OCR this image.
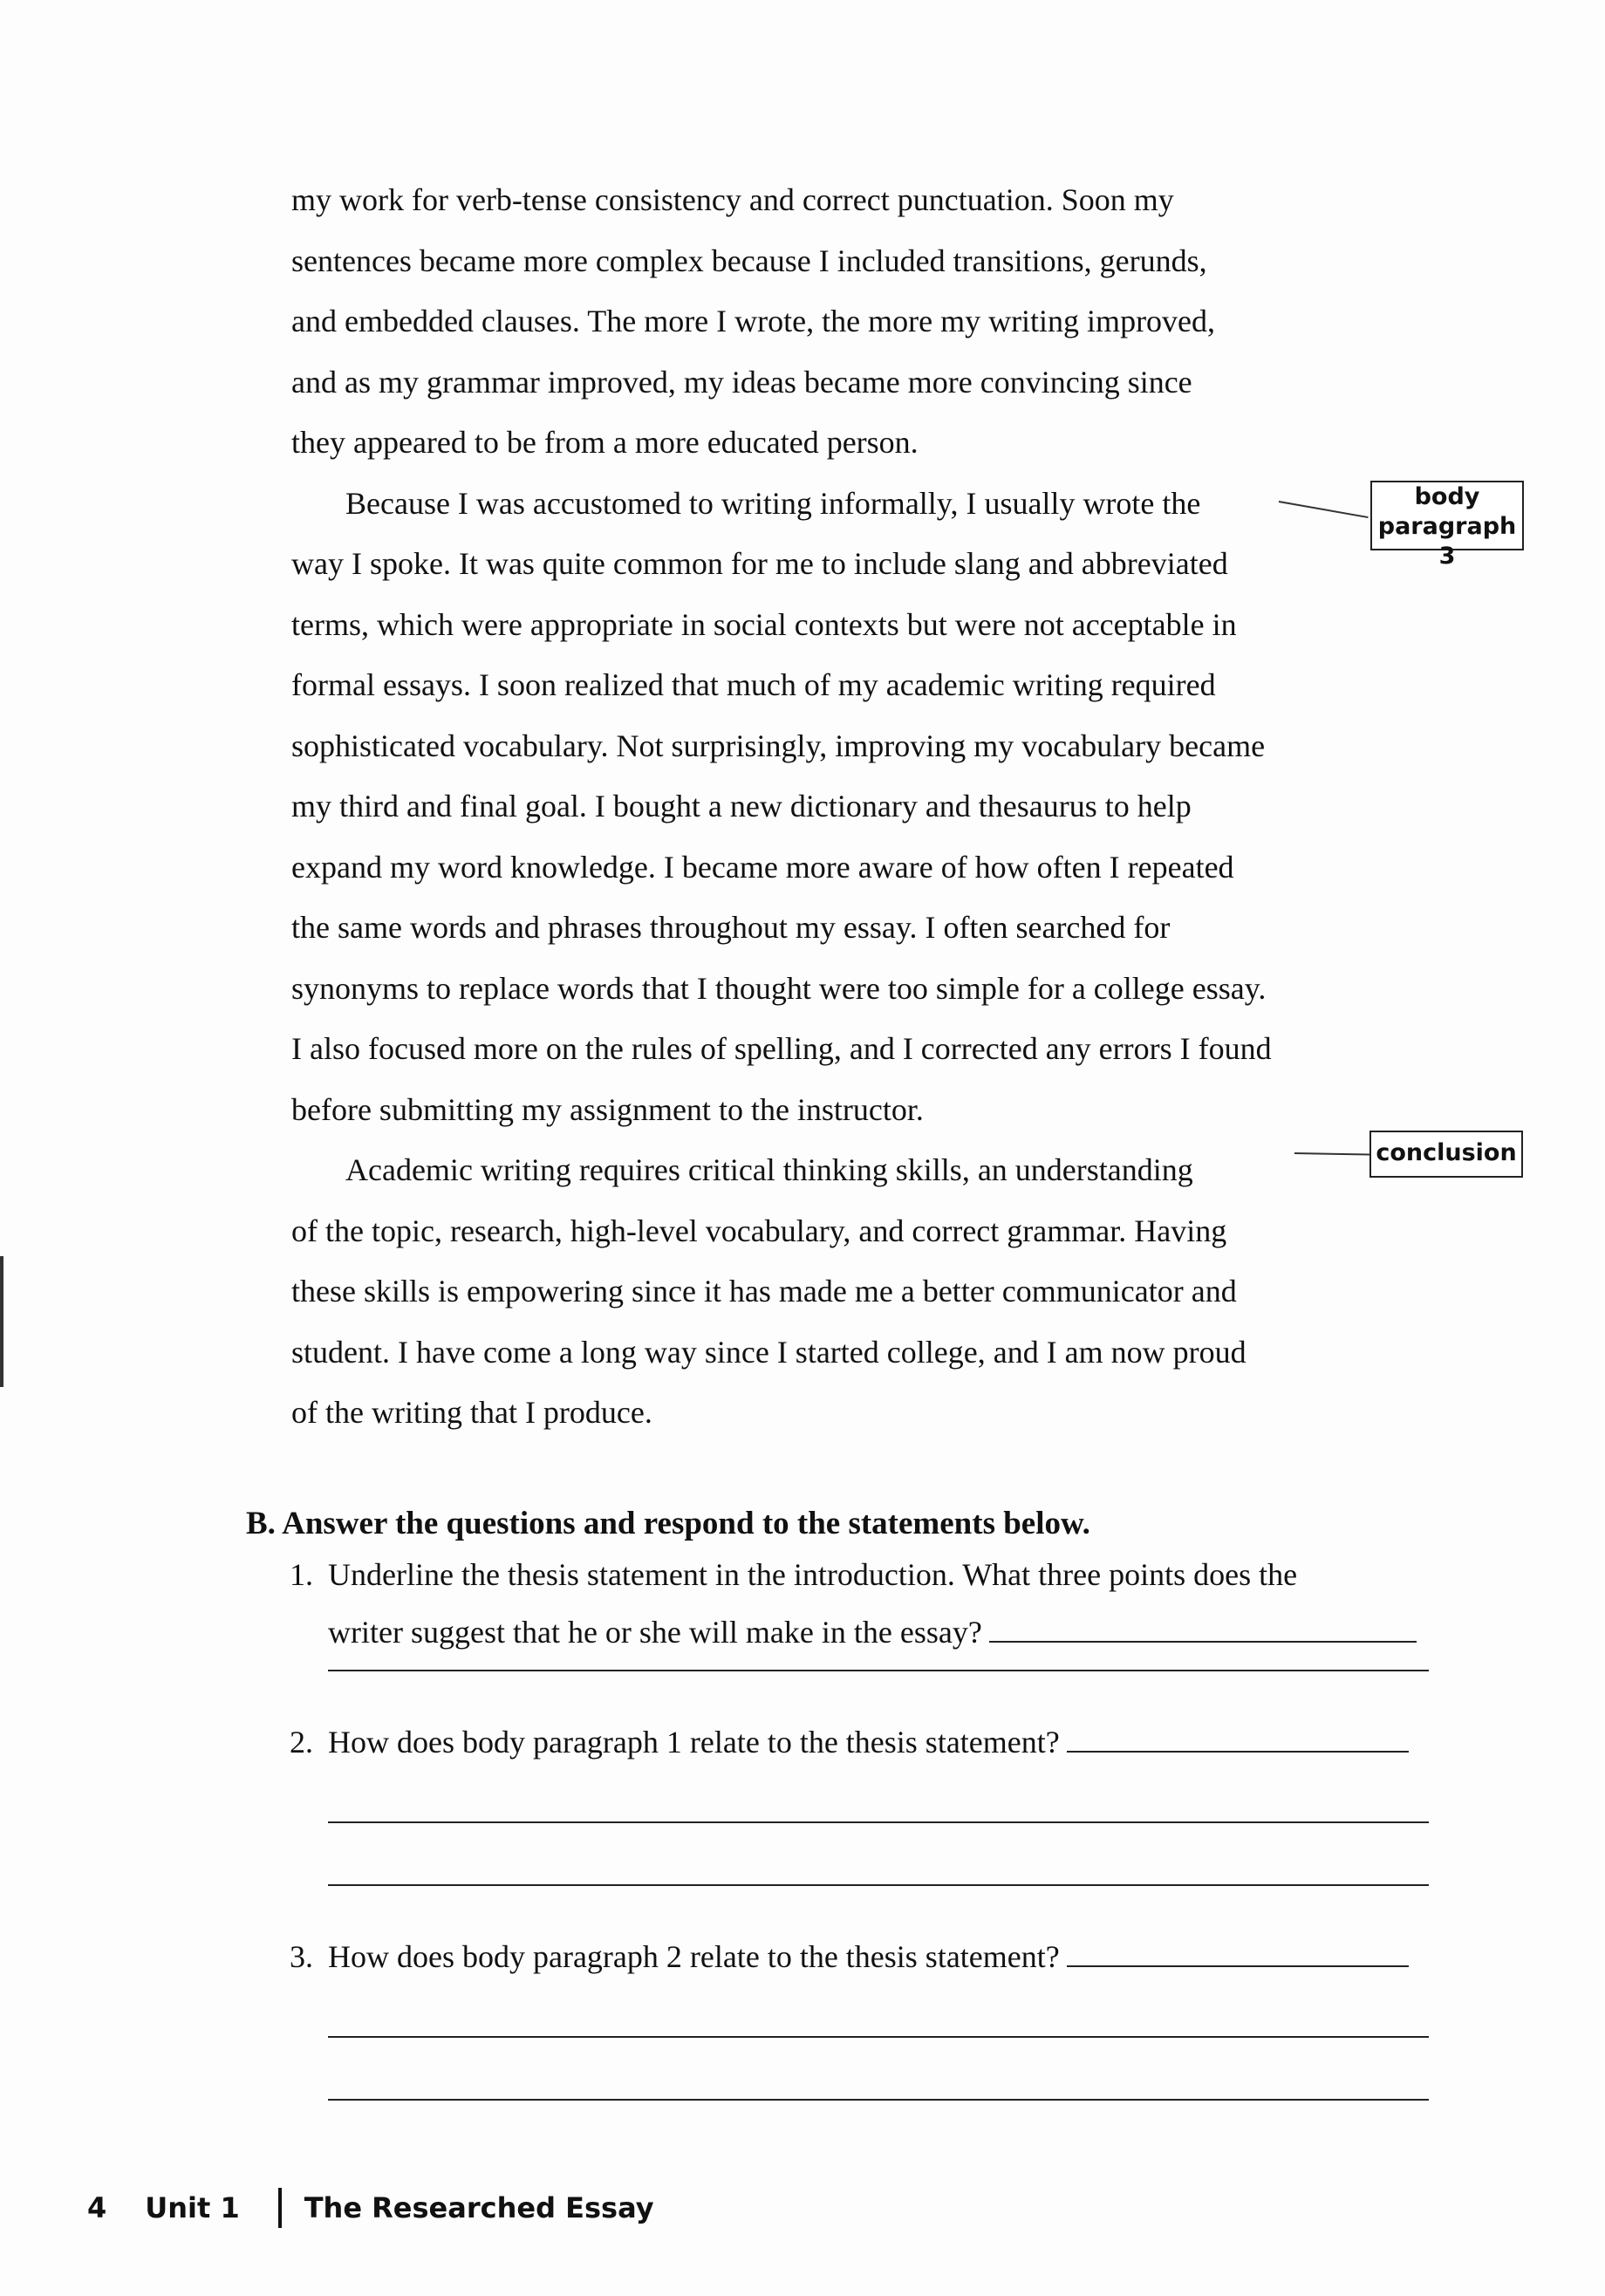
my work for verb-tense consistency and correct punctuation. Soon my
sentences became more complex because I included transitions, gerunds,
and embedded clauses. The more I wrote, the more my writing improved,
and as my grammar improved, my ideas became more convincing since
they appeared to be from a more educated person.
Because I was accustomed to writing informally, I usually wrote the
way I spoke. It was quite common for me to include slang and abbreviated
terms, which were appropriate in social contexts but were not acceptable in
formal essays. I soon realized that much of my academic writing required
sophisticated vocabulary. Not surprisingly, improving my vocabulary became
my third and final goal. I bought a new dictionary and thesaurus to help
expand my word knowledge. I became more aware of how often I repeated
the same words and phrases throughout my essay. I often searched for
synonyms to replace words that I thought were too simple for a college essay.
I also focused more on the rules of spelling, and I corrected any errors I found
before submitting my assignment to the instructor.
Academic writing requires critical thinking skills, an understanding
of the topic, research, high-level vocabulary, and correct grammar. Having
these skills is empowering since it has made me a better communicator and
student. I have come a long way since I started college, and I am now proud
of the writing that I produce.
body
paragraph 3
conclusion
B. Answer the questions and respond to the statements below.
1. Underline the thesis statement in the introduction. What three points does the
writer suggest that he or she will make in the essay?
2. How does body paragraph 1 relate to the thesis statement?
3. How does body paragraph 2 relate to the thesis statement?
4 Unit 1 The Researched Essay
